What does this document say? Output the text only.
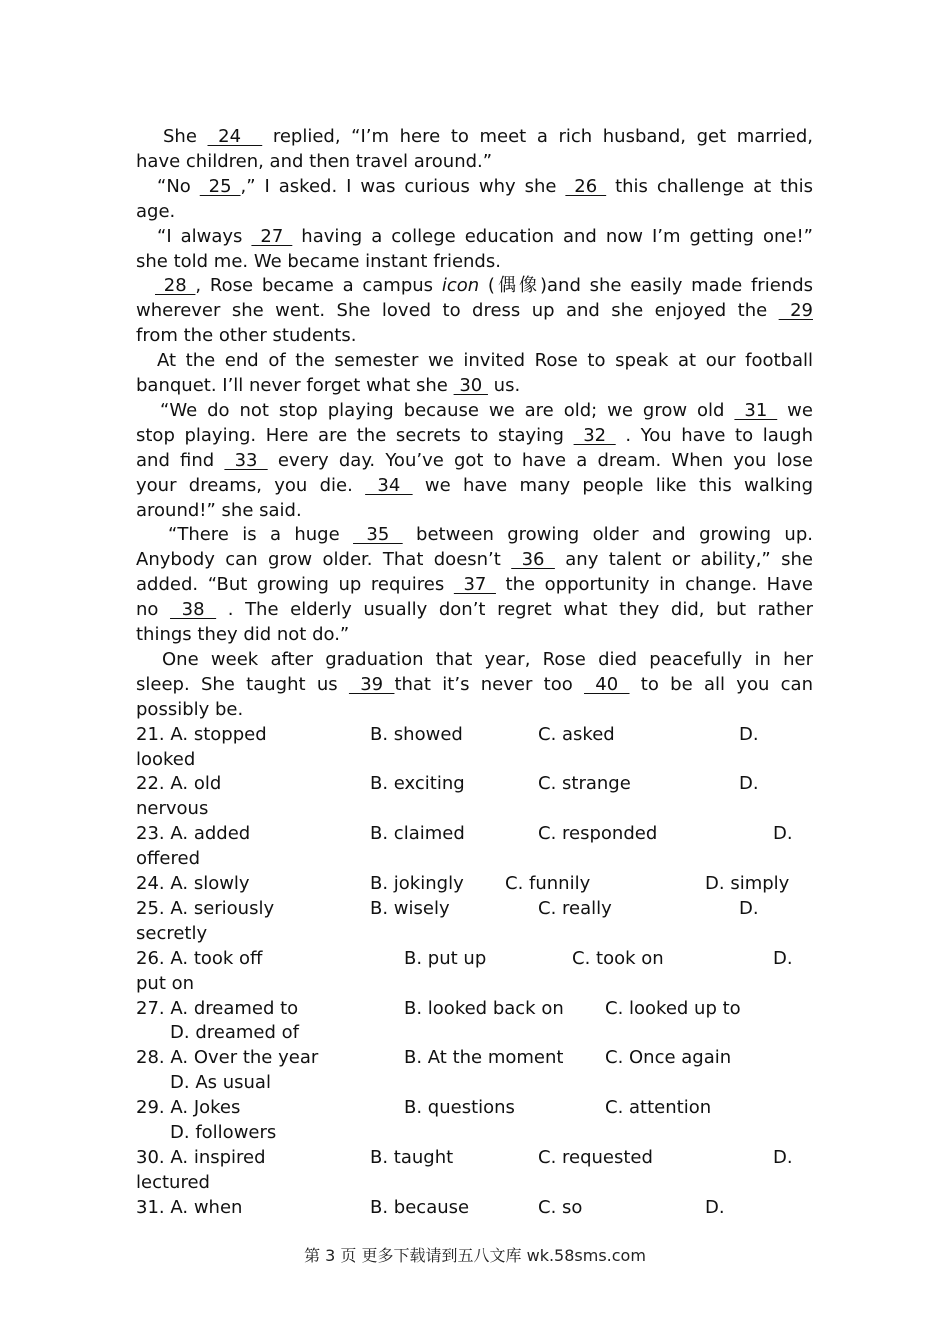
She  24   replied, “I’m here to meet a rich husband, get married,
have children, and then travel around.”
“No  25 ,” I asked. I was curious why she  26  this challenge at this
age.
“I always  27  having a college education and now I’m getting one!”
she told me. We became instant friends.
28 , Rose became a campus icon (偶像)and she easily made friends
wherever she went. She loved to dress up and she enjoyed the  29
from the other students.
At the end of the semester we invited Rose to speak at our football
banquet. I’ll never forget what she  30  us.
“We do not stop playing because we are old; we grow old  31  we
stop playing. Here are the secrets to staying  32  . You have to laugh
and find  33  every day. You’ve got to have a dream. When you lose
your dreams, you die.  34  we have many people like this walking
around!” she said.
“There is a huge  35  between growing older and growing up.
Anybody can grow older. That doesn’t  36  any talent or ability,” she
added. “But growing up requires  37  the opportunity in change. Have
no  38  . The elderly usually don’t regret what they did, but rather
things they did not do.”
One week after graduation that year, Rose died peacefully in her
sleep. She taught us  39 that it’s never too  40  to be all you can
possibly be.
21. A. stopped	B. showed	C. asked	D.
looked
22. A. old	B. exciting	C. strange	D.
nervous
23. A. added	B. claimed	C. responded	D.
offered
24. A. slowly	B. jokingly C. funnily	D. simply
25. A. seriously	B. wisely	C. really	D.
secretly
26. A. took off	B. put up	C. took on	D.
put on
27. A. dreamed to	B. looked back on C. looked up to
D. dreamed of
28. A. Over the year	B. At the moment C. Once again
D. As usual
29. A. Jokes	B. questions	C. attention
D. followers
30. A. inspired	B. taught	C. requested	D.
lectured
31. A. when	B. because	C. so	D.
第 3 页 更多下载请到五八文库 wk.58sms.com
